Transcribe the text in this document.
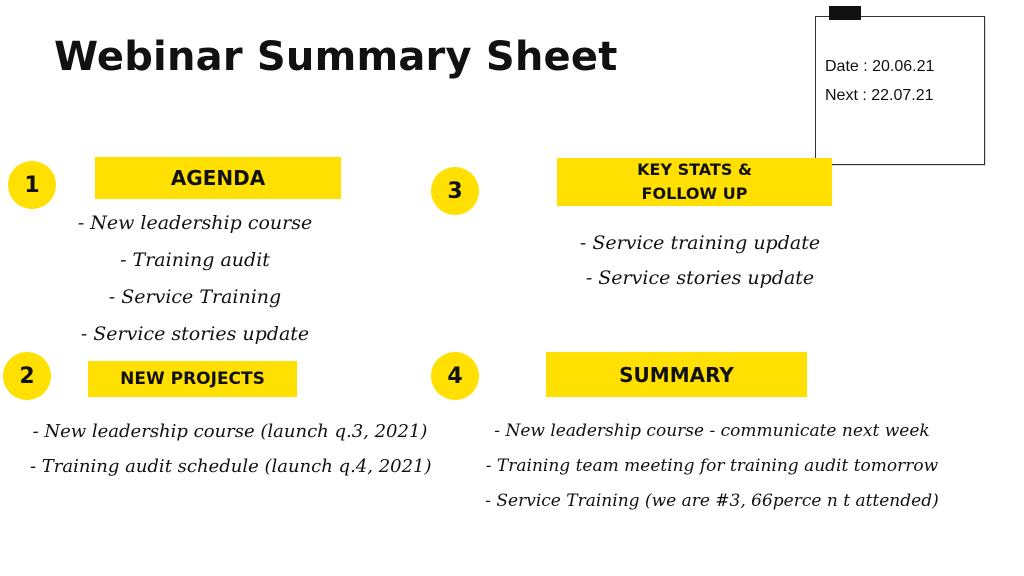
Webinar Summary Sheet	Date : 20.06.21
Next : 22.07.21
1	AGENDA
- New leadership course
- Training audit
- Service Training
- Service stories update
2	NEW PROJECTS
- New leadership course (launch q.3, 2021)
- Training audit schedule (launch q.4, 2021)
3
KEY STATS & FOLLOW UP
- Service training update
- Service stories update
4	SUMMARY
- New leadership course - communicate next week
- Training team meeting for training audit tomorrow
- Service Training (we are #3, 66perce n t attended)
